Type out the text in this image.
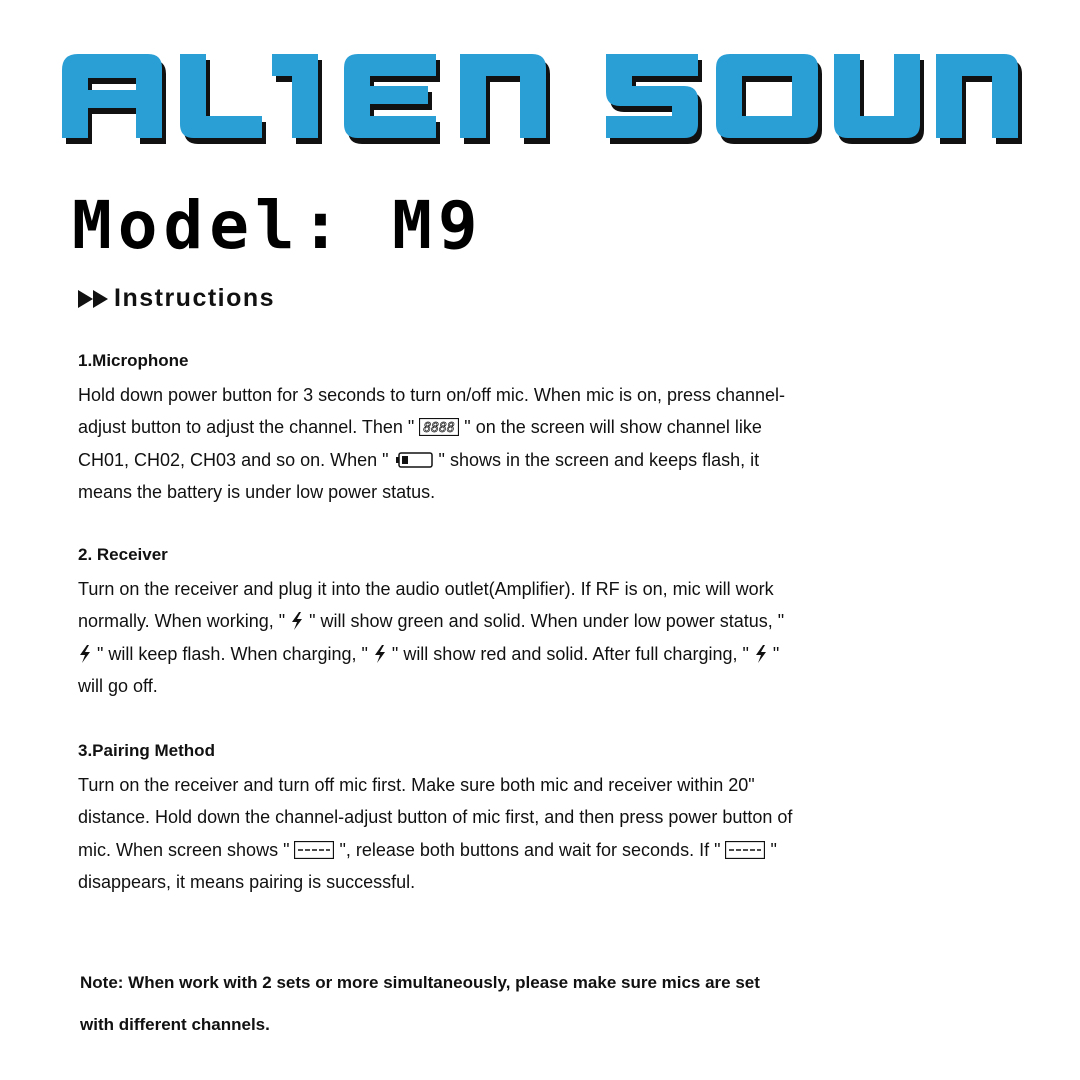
Model: M9
Instructions
1.Microphone

Hold down power button for 3 seconds to turn on/off mic. When mic is on, press channel-adjust button to adjust the channel. Then " 8888 " on the screen will show channel like CH01, CH02, CH03 and so on. When "  " shows in the screen and keeps flash, it means the battery is under low power status.

2. Receiver

Turn on the receiver and plug it into the audio outlet(Amplifier). If RF is on, mic will work normally. When working, "  " will show green and solid. When under low power status, "  " will keep flash. When charging, "  " will show red and solid. After full charging, "  " will go off.

3.Pairing Method

Turn on the receiver and turn off mic first. Make sure both mic and receiver within 20" distance. Hold down the channel-adjust button of mic first, and then press power button of mic. When screen shows "  ", release both buttons and wait for seconds. If "  " disappears, it means pairing is successful.

Note: When work with 2 sets or more simultaneously, please make sure mics are set with different channels.
